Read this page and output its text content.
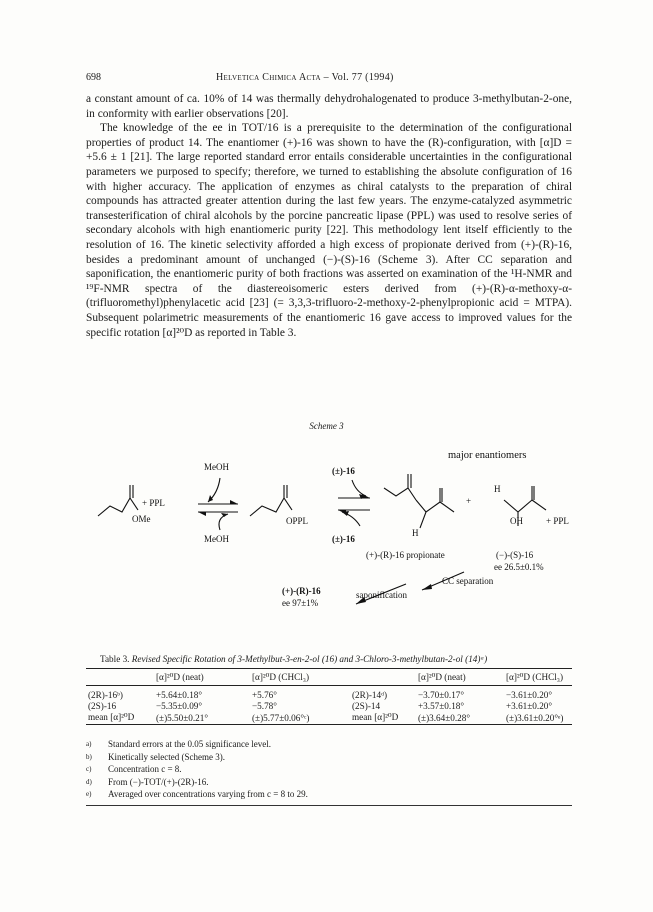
698	Helvetica Chimica Acta – Vol. 77 (1994)

a constant amount of ca. 10% of 14 was thermally dehydrohalogenated to produce 3-methylbutan-2-one, in conformity with earlier observations [20].

The knowledge of the ee in TOT/16 is a prerequisite to the determination of the configurational properties of product 14. The enantiomer (+)-16 was shown to have the (R)-configuration, with [α]D = +5.6 ± 1 [21]. The large reported standard error entails considerable uncertainties in the configurational parameters we purposed to specify; therefore, we turned to establishing the absolute configuration of 16 with higher accuracy. The application of enzymes as chiral catalysts to the preparation of chiral compounds has attracted greater attention during the last few years. The enzyme-catalyzed asymmetric transesterification of chiral alcohols by the porcine pancreatic lipase (PPL) was used to resolve series of secondary alcohols with high enantiomeric purity [22]. This methodology lent itself efficiently to the resolution of 16. The kinetic selectivity afforded a high excess of propionate derived from (+)-(R)-16, besides a predominant amount of unchanged (−)-(S)-16 (Scheme 3). After CC separation and saponification, the enantiomeric purity of both fractions was asserted on examination of the ¹H-NMR and ¹⁹F-NMR spectra of the diastereoisomeric esters derived from (+)-(R)-α-methoxy-α-(trifluoromethyl)phenylacetic acid [23] (= 3,3,3-trifluoro-2-methoxy-2-phenylpropionic acid = MTPA). Subsequent polarimetric measurements of the enantiomeric 16 gave access to improved values for the specific rotation [α]²⁰D as reported in Table 3.

Scheme 3
major enantiomers
MeOH
MeOH
+ PPL
OMe
(±)-16
OPPL
(±)-16
H
+
H
OH	+ PPL
(+)-(R)-16 propionate	(−)-(S)-16
ee 26.5±0.1%
CC separation
(+)-(R)-16
ee 97±1%
saponification
Table 3. Revised Specific Rotation of 3-Methylbut-3-en-2-ol (16) and 3-Chloro-3-methylbutan-2-ol (14)ᵃ)
	[α]²⁰D (neat)	[α]²⁰D (CHCl₃)		[α]²⁰D (neat)	[α]²⁰D (CHCl₃)
(2R)-16ᵇ)	+5.64±0.18°	+5.76°	(2R)-14ᵈ)	−3.70±0.17°	−3.61±0.20°
(2S)-16	−5.35±0.09°	−5.78°	(2S)-14	+3.57±0.18°	+3.61±0.20°
mean [α]²⁰D	(±)5.50±0.21°	(±)5.77±0.06°ᶜ)	mean [α]²⁰D	(±)3.64±0.28°	(±)3.61±0.20°ᵉ)
a)	Standard errors at the 0.05 significance level.
b)	Kinetically selected (Scheme 3).
c)	Concentration c = 8.
d)	From (−)-TOT/(+)-(2R)-16.
e)	Averaged over concentrations varying from c = 8 to 29.
